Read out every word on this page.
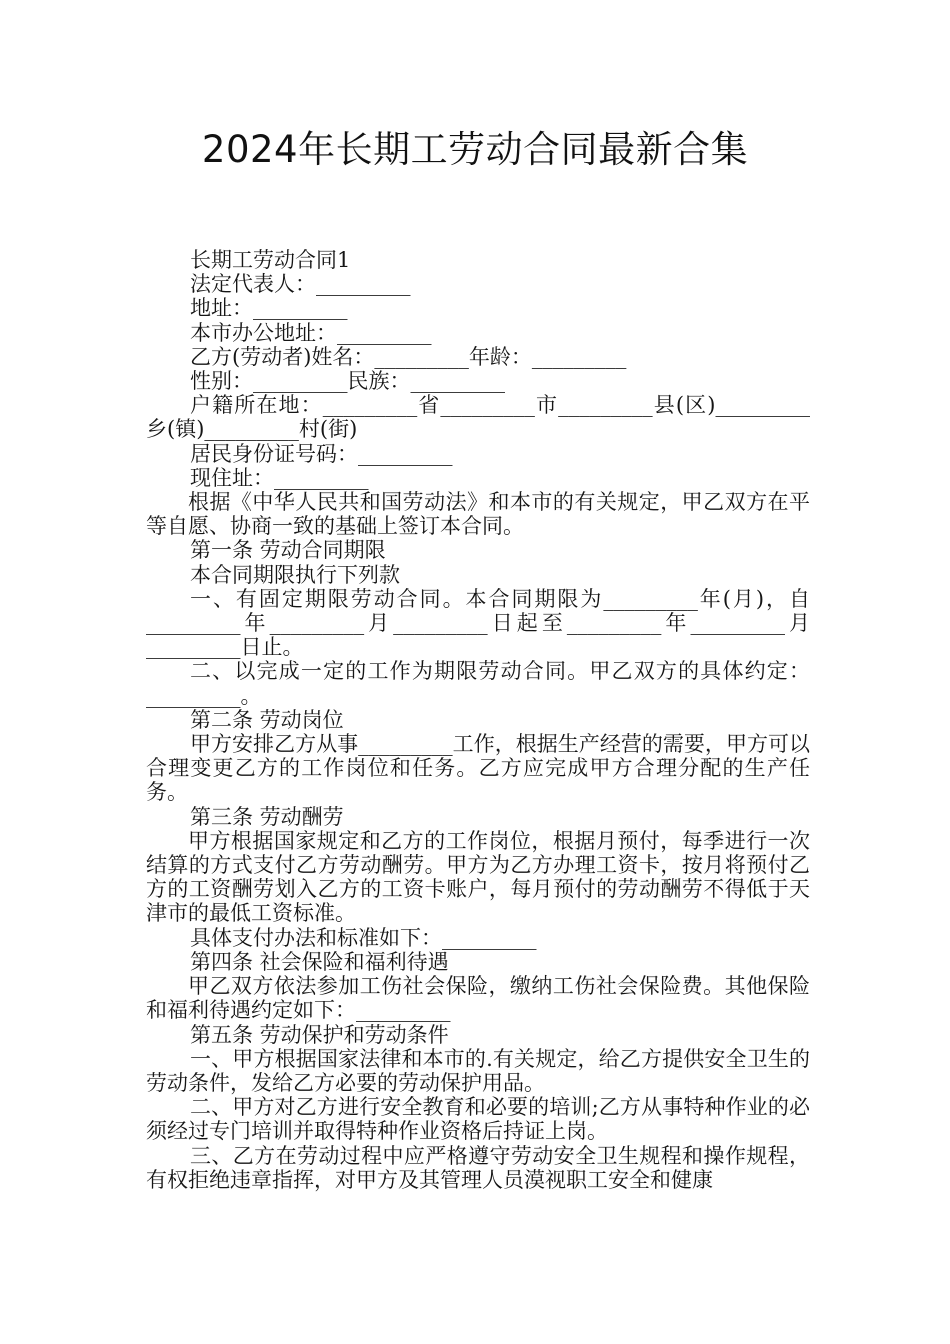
2024年长期工劳动合同最新合集

长期工劳动合同1

法定代表人：_________

地址：_________

本市办公地址：_________

乙方(劳动者)姓名：_________年龄：_________

性别：_________民族：_________

户籍所在地：_________省_________市_________县(区)_________乡(镇)_________村(街)

居民身份证号码：_________

现住址：_________

根据《中华人民共和国劳动法》和本市的有关规定，甲乙双方在平等自愿、协商一致的基础上签订本合同。

第一条 劳动合同期限

本合同期限执行下列款

一、有固定期限劳动合同。本合同期限为_________年(月)，自_________年_________月_________日起至_________年_________月_________日止。

二、以完成一定的工作为期限劳动合同。甲乙双方的具体约定：_________。

第二条 劳动岗位

甲方安排乙方从事_________工作，根据生产经营的需要，甲方可以合理变更乙方的工作岗位和任务。乙方应完成甲方合理分配的生产任务。

第三条 劳动酬劳

甲方根据国家规定和乙方的工作岗位，根据月预付，每季进行一次结算的方式支付乙方劳动酬劳。甲方为乙方办理工资卡，按月将预付乙方的工资酬劳划入乙方的工资卡账户，每月预付的劳动酬劳不得低于天津市的最低工资标准。

具体支付办法和标准如下：_________

第四条 社会保险和福利待遇

甲乙双方依法参加工伤社会保险，缴纳工伤社会保险费。其他保险和福利待遇约定如下：_________

第五条 劳动保护和劳动条件

一、甲方根据国家法律和本市的.有关规定，给乙方提供安全卫生的劳动条件，发给乙方必要的劳动保护用品。

二、甲方对乙方进行安全教育和必要的培训;乙方从事特种作业的必须经过专门培训并取得特种作业资格后持证上岗。

三、乙方在劳动过程中应严格遵守劳动安全卫生规程和操作规程，有权拒绝违章指挥，对甲方及其管理人员漠视职工安全和健康
